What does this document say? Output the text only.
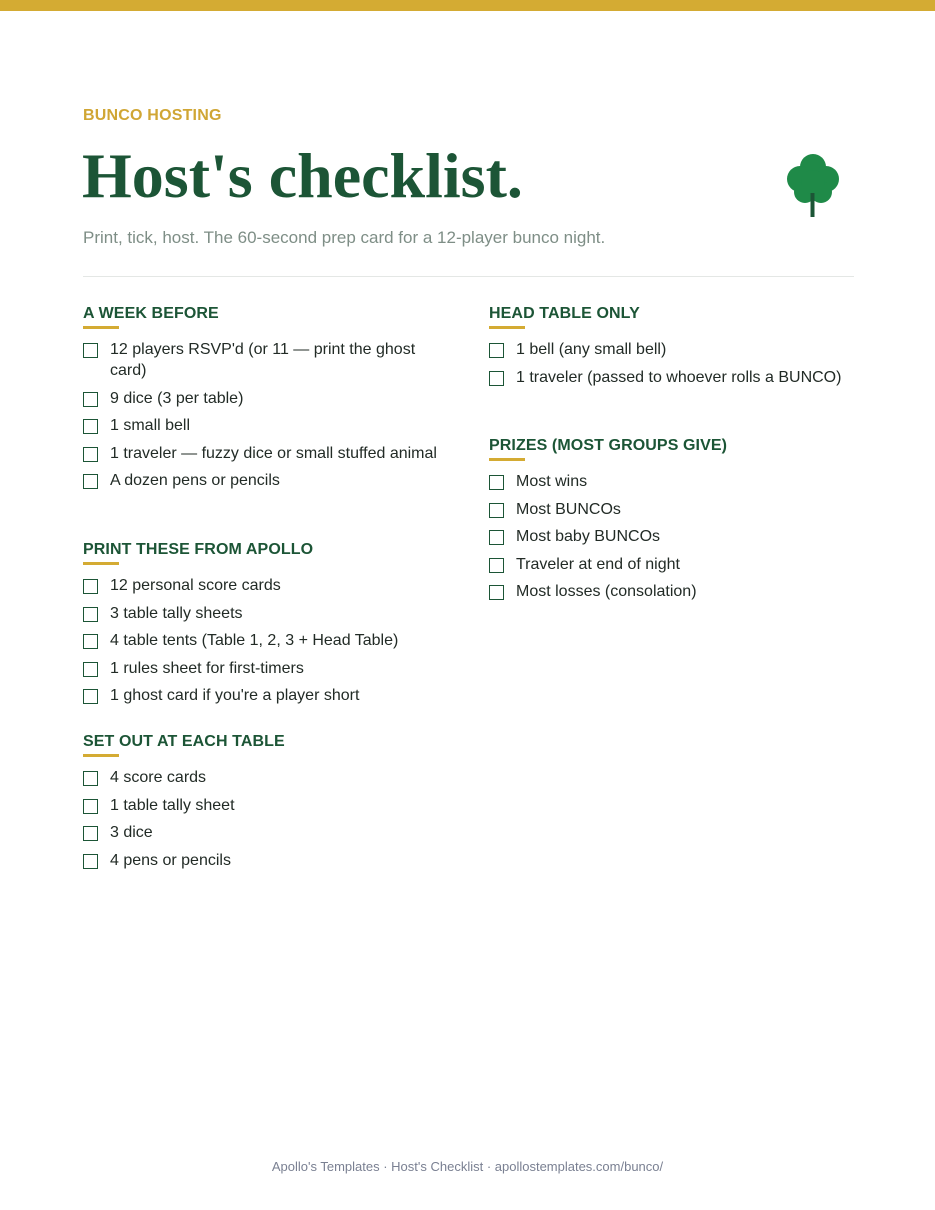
BUNCO HOSTING
Host's checklist.
Print, tick, host. The 60-second prep card for a 12-player bunco night.
A WEEK BEFORE
12 players RSVP'd (or 11 — print the ghost card)
9 dice (3 per table)
1 small bell
1 traveler — fuzzy dice or small stuffed animal
A dozen pens or pencils
PRINT THESE FROM APOLLO
12 personal score cards
3 table tally sheets
4 table tents (Table 1, 2, 3 + Head Table)
1 rules sheet for first-timers
1 ghost card if you're a player short
SET OUT AT EACH TABLE
4 score cards
1 table tally sheet
3 dice
4 pens or pencils
HEAD TABLE ONLY
1 bell (any small bell)
1 traveler (passed to whoever rolls a BUNCO)
PRIZES (MOST GROUPS GIVE)
Most wins
Most BUNCOs
Most baby BUNCOs
Traveler at end of night
Most losses (consolation)
Apollo's Templates · Host's Checklist · apollostemplates.com/bunco/
